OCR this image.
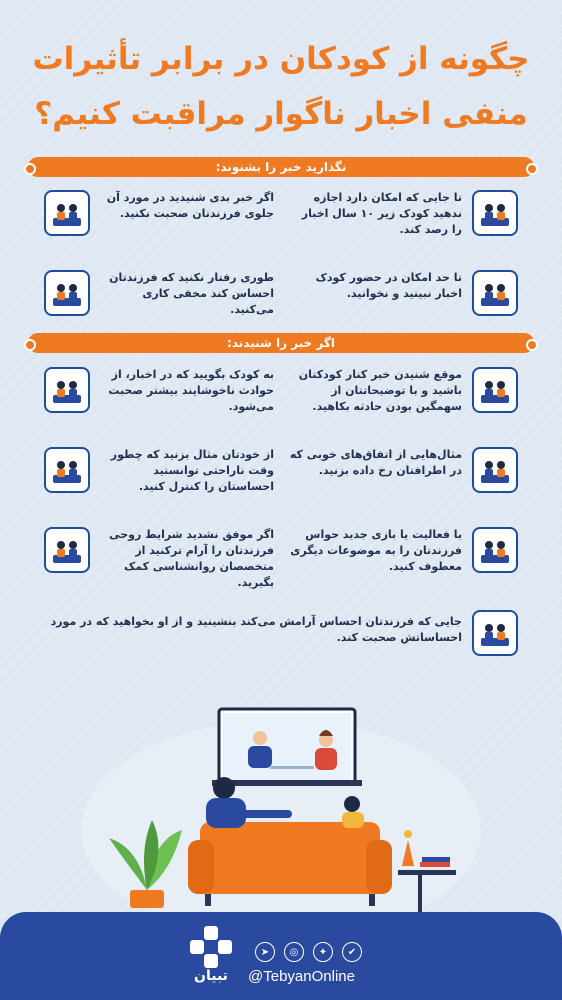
چگونه از کودکان در برابر تأثیرات
منفی اخبار ناگوار مراقبت کنیم؟
نگذارید خبر را بشنوند:
تا جایی که امکان دارد اجازه ندهید کودک زیر ۱۰ سال اخبار را رصد کند.
اگر خبر بدی شنیدید در مورد آن جلوی فرزندتان صحبت نکنید.
تا حد امکان در حضور کودک اخبار نبینید و نخوانید.
طوری رفتار نکنید که فرزندتان احساس کند مخفی کاری می‌کنید.
اگر خبر را شنیدند:
موقع شنیدن خبر کنار کودکتان باشید و با توضیحاتتان از سهمگین بودن حادثه بکاهید.
به کودک بگویید که در اخبار، از حوادث ناخوشایند بیشتر صحبت می‌شود.
مثال‌هایی از اتفاق‌های خوبی که در اطرافتان رخ داده بزنید.
از خودتان مثال بزنید که چطور وقت ناراحتی توانستید احساستان را کنترل کنید.
با فعالیت یا بازی جدید حواس فرزندتان را به موضوعات دیگری معطوف کنید.
اگر موفق نشدید شرایط روحی فرزندتان را آرام ترکنید از متخصصان روانشناسی کمک بگیرید.
جایی که فرزندتان احساس آرامش می‌کند بنشینید و از او بخواهید که در مورد احساساتش صحبت کند.
تبیان
➤	◎	✦	✔
@TebyanOnline
